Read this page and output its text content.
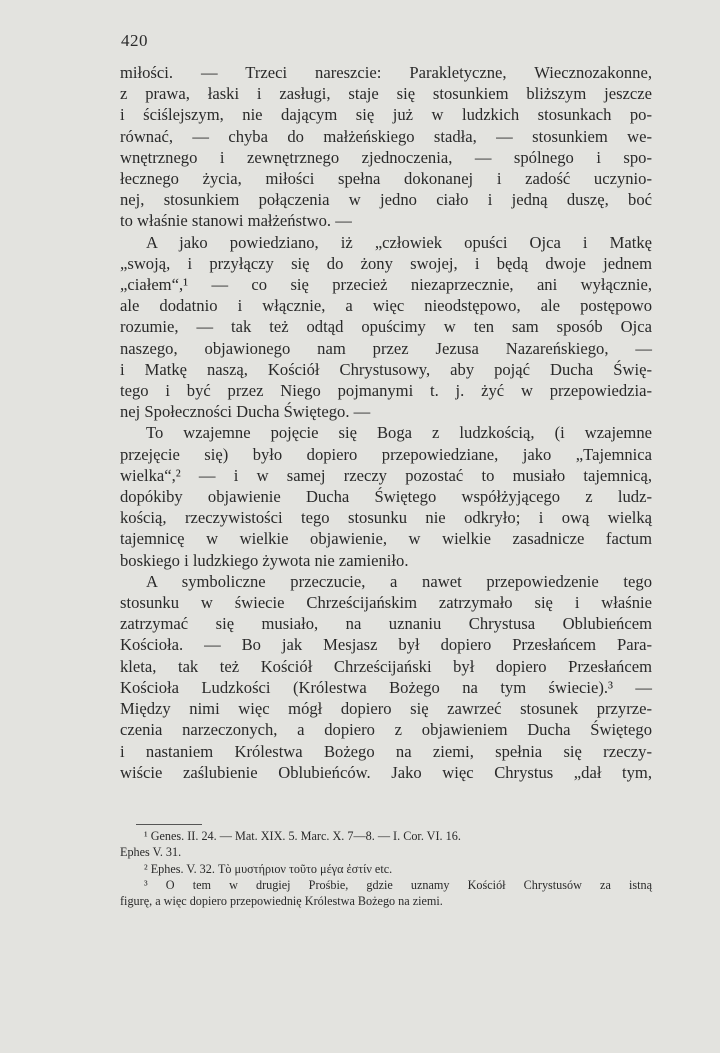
420
miłości. — Trzeci nareszcie: Parakletyczne, Wiecznozakonne,
z prawa, łaski i zasługi, staje się stosunkiem bliższym jeszcze
i ściślejszym, nie dającym się już w ludzkich stosunkach po-
równać, — chyba do małżeńskiego stadła, — stosunkiem we-
wnętrznego i zewnętrznego zjednoczenia, — spólnego i spo-
łecznego życia, miłości spełna dokonanej i zadość uczynio-
nej, stosunkiem połączenia w jedno ciało i jedną duszę, boć
to właśnie stanowi małżeństwo. —
A jako powiedziano, iż „człowiek opuści Ojca i Matkę
„swoją, i przyłączy się do żony swojej, i będą dwoje jednem
„ciałem“,¹ — co się przecież niezaprzecznie, ani wyłącznie,
ale dodatnio i włącznie, a więc nieodstępowo, ale postępowo
rozumie, — tak też odtąd opuścimy w ten sam sposób Ojca
naszego, objawionego nam przez Jezusa Nazareńskiego, —
i Matkę naszą, Kościół Chrystusowy, aby pojąć Ducha Świę-
tego i być przez Niego pojmanymi t. j. żyć w przepowiedzia-
nej Społeczności Ducha Świętego. —
To wzajemne pojęcie się Boga z ludzkością, (i wzajemne
przejęcie się) było dopiero przepowiedziane, jako „Tajemnica
wielka“,² — i w samej rzeczy pozostać to musiało tajemnicą,
dopókiby objawienie Ducha Świętego współżyjącego z ludz-
kością, rzeczywistości tego stosunku nie odkryło; i ową wielką
tajemnicę w wielkie objawienie, w wielkie zasadnicze factum
boskiego i ludzkiego żywota nie zamieniło.
A symboliczne przeczucie, a nawet przepowiedzenie tego
stosunku w świecie Chrześcijańskim zatrzymało się i właśnie
zatrzymać się musiało, na uznaniu Chrystusa Oblubieńcem
Kościoła. — Bo jak Mesjasz był dopiero Przesłańcem Para-
kleta, tak też Kościół Chrześcijański był dopiero Przesłańcem
Kościoła Ludzkości (Królestwa Bożego na tym świecie).³ —
Między nimi więc mógł dopiero się zawrzeć stosunek przyrze-
czenia narzeczonych, a dopiero z objawieniem Ducha Świętego
i nastaniem Królestwa Bożego na ziemi, spełnia się rzeczy-
wiście zaślubienie Oblubieńców. Jako więc Chrystus „dał tym,
¹ Genes. II. 24. — Mat. XIX. 5. Marc. X. 7—8. — I. Cor. VI. 16.
Ephes V. 31.
² Ephes. V. 32. Τὸ μυστήριον τοῦτο μέγα ἐστίν etc.
³ O tem w drugiej Prośbie, gdzie uznamy Kościół Chrystusów za istną
figurę, a więc dopiero przepowiednię Królestwa Bożego na ziemi.
